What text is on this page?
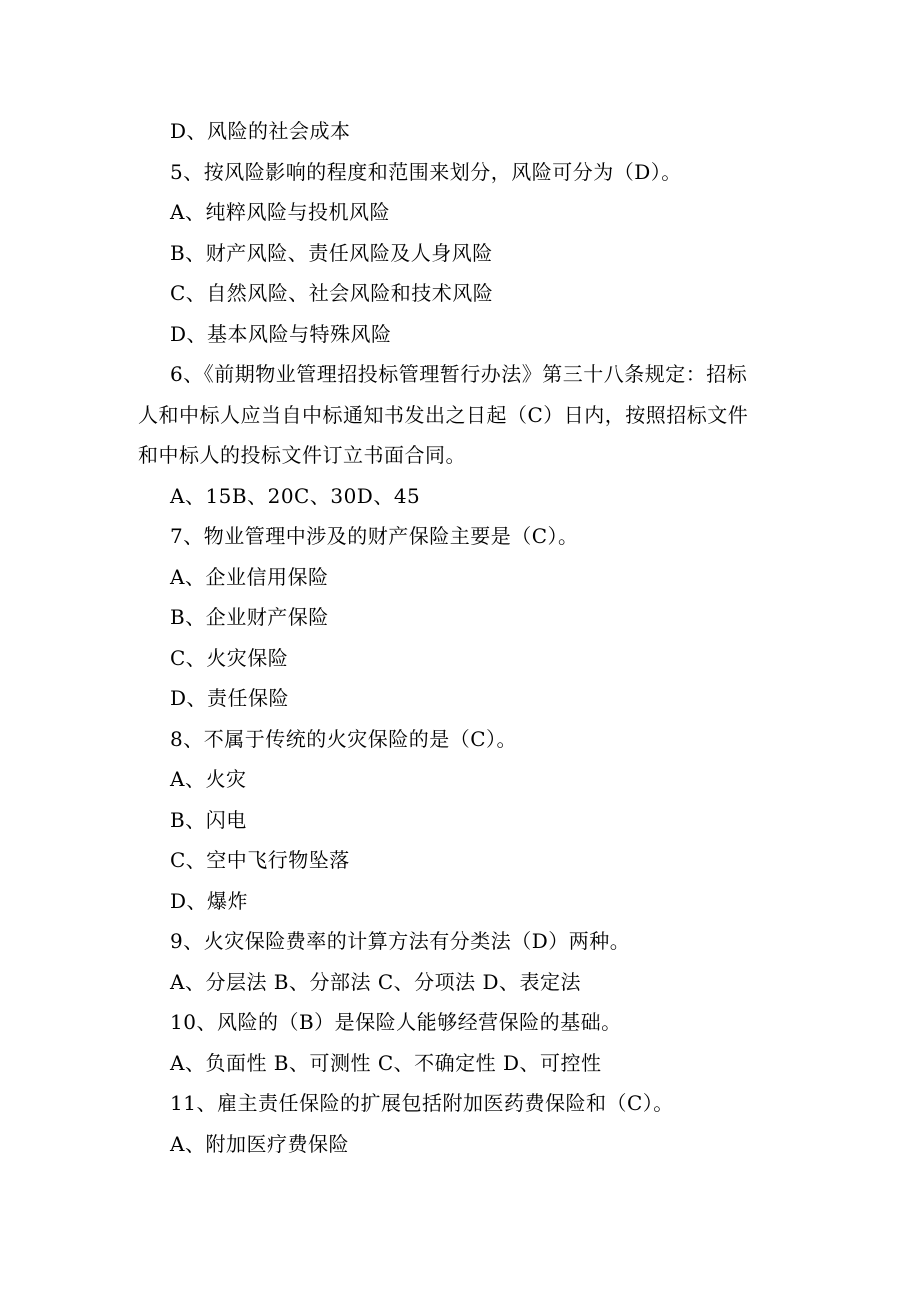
D、风险的社会成本
5、按风险影响的程度和范围来划分，风险可分为（D）。
A、纯粹风险与投机风险
B、财产风险、责任风险及人身风险
C、自然风险、社会风险和技术风险
D、基本风险与特殊风险
6、《前期物业管理招投标管理暂行办法》第三十八条规定：招标
人和中标人应当自中标通知书发出之日起（C）日内，按照招标文件
和中标人的投标文件订立书面合同。
A、15B、20C、30D、45
7、物业管理中涉及的财产保险主要是（C）。
A、企业信用保险
B、企业财产保险
C、火灾保险
D、责任保险
8、不属于传统的火灾保险的是（C）。
A、火灾
B、闪电
C、空中飞行物坠落
D、爆炸
9、火灾保险费率的计算方法有分类法（D）两种。
A、分层法 B、分部法 C、分项法 D、表定法
10、风险的（B）是保险人能够经营保险的基础。
A、负面性 B、可测性 C、不确定性 D、可控性
11、雇主责任保险的扩展包括附加医药费保险和（C）。
A、附加医疗费保险
